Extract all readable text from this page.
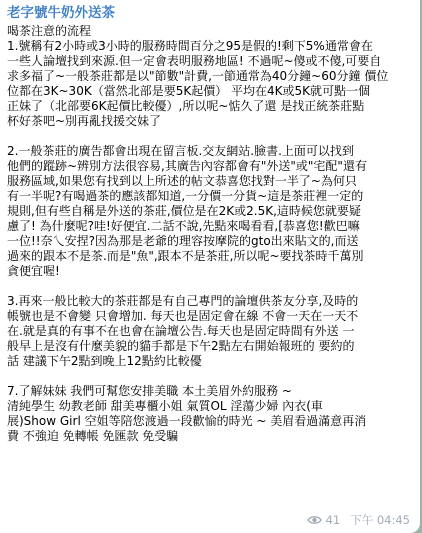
老字號牛奶外送茶
喝茶注意的流程
1.號稱有2小時或3小時的服務時間百分之95是假的!剩下5%通常會在
一些人論壇找到來源.但一定會表明服務地區! 不過呢~傻或不傻,可要自
求多福了~一般茶莊都是以"節數"計費,一節通常為40分鐘~60分鐘 價位
位都在3K~30K（當然北部是要5K起價） 平均在4K或5K就可點一個
正妹了（北部要6K起價比較優）,所以呢~惦久了還 是找正統茶莊點
杯好茶吧~別再亂找援交妹了
2.一般茶莊的廣告都會出現在留言板.交友網站.臉書.上面可以找到
他們的蹤跡~辨別方法很容易,其廣告內容都會有"外送"或"宅配"還有
服務區域,如果您有找到以上所述的帖文恭喜您找對一半了~為何只
有一半呢?有喝過茶的應該都知道,一分價一分貨~這是茶莊裡一定的
規則,但有些自稱是外送的茶莊,價位是在2K或2.5K,這時候您就要疑
慮了! 為什麼呢?哇!好便宜.二話不說,先點來喝看看,[恭喜您!歡巴嘛
一位!!奈乀安捏?因為那是老爺的理容按摩院的gto出來貼文的,而送
過來的跟本不是茶.而是"魚",跟本不是茶莊,所以呢~要找茶時千萬別
貪便宜喔!
3.再來一般比較大的茶莊都是有自己專門的論壇供茶友分享,及時的
帳號也是不會變 只會增加. 每天也是固定會在線 不會一天在一天不
在.就是真的有事不在也會在論壇公告.每天也是固定時間有外送 一
般早上是沒有什麼美貌的貓手都是下午2點左右開始報班的 要約的
話 建議下午2點到晚上12點約比較優
7.了解妹妹 我們可幫您安排美職 本土美眉外約服務 ~
清純學生 幼教老師 甜美專櫃小姐 氣質OL 淫蕩少婦 內衣(車
展)Show Girl 空姐等陪您渡過一段歡愉的時光 ~ 美眉看過滿意再消
費 不強迫 免轉帳 免匯款 免受騙
41 下午 04:45
